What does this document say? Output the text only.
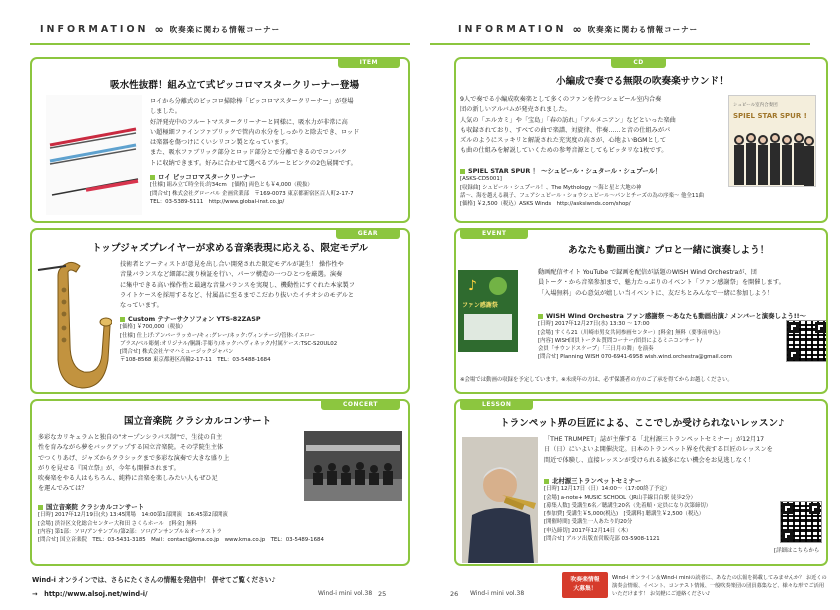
INFORMATION ∞ 吹奏楽に関わる情報コーナー
ITEM
吸水性抜群！組み立て式ピッコロマスタークリーナー登場
ロイから分離式のピッコロ掃除棒「ピッコロマスタークリーナー」が登場
しました。
好評発売中のフルートマスタークリーナーと同様に、吸水力が非常に高
い超極細ファインファブリックで管内の水分をしっかりと除去でき、ロッド
は楽器を傷つけにくいシリコン製となっています。
また、吸水ファブリック部分とロッド部分とで分離できるのでコンパク
トに収納できます。好みに合わせて選べるブルーとピンクの2色展開です。
ロイ ピッコロマスタークリーナー
[仕様] 組み立て時全長:約34cm　[価格] 両色とも￥4,000（税抜）
[問合せ] 株式会社グローバル 企画営業部　〒169-0073 東京都新宿区百人町2-17-7
TEL：03-5389-5111　http://www.global-inst.co.jp/
GEAR
トップジャズプレイヤーが求める音楽表現に応える、限定モデル
技術者とアーティストが意見を出し合い開発された限定モデルが誕生！ 操作性や
音量バランスなど細部に渡り検証を行い、パーツ構造の一つひとつを厳選。演奏
に集中できる高い操作性と最適な音量バランスを実現し、機動性にすぐれた本家製フ
ライトケースを採用するなど、付属品に至るまでこだわり抜いたイチオシのモデルと
なっています。
Custom テナーサクソフォン YTS-82ZASP
[価格] ￥700,000（税抜）
[仕様] 仕上げ:アンバーラッカー/キィ:グレー/ネック:ヴィンテージ/管体:イエロー
ブラス/ベル彫刻:オリジナル/胴調:手彫り/ネック:ヘヴィネック/付属ケース:TSC-S20UL02
[問合せ] 株式会社ヤマハミュージックジャパン
〒108-8568 東京都港区高輪2-17-11　TEL：03-5488-1684
CONCERT
国立音楽院 クラシカルコンサート
多彩なカリキュラムと独自の"オープンシラバス制"で、生徒の自主
性を育みながら夢をバックアップする国立音楽院。その学院生主体
でつくりあげ、ジャズからクラシックまで多彩な演奏で大きな盛り上
がりを見せる『国立祭』が、今年も開催されます。
吹奏楽をやる人はもちろん、純粋に音楽を楽しみたい人もぜひ足
を運んでみては？
国立音楽院 クラシカルコンサート
[日時] 2017年12月19日(火) 13:45開場　14:00第1部開演　16:45第2部開演
[会場] 渋谷区文化総合センター大和田 さくらホール　[料金] 無料
[内容] 第1部：ソロ/アンサンブル/第2部：ソロ/アンサンブル＆オーケストラ
[問合せ] 国立音楽院　TEL：03-5431-3185　Mail：contact@kma.co.jp　www.kma.co.jp　TEL：03-5489-1684
Wind-i オンラインでは、さらにたくさんの情報を発信中！ 併せてご覧ください♪
→　http://www.alsoj.net/wind-i/	Wind-i mini vol.38 25
INFORMATION ∞ 吹奏楽に関わる情報コーナー
CD
小編成で奏でる無限の吹奏楽サウンド！
9人で奏でる小編成吹奏楽として多くのファンを持つシュピール室内合奏
団の新しいアルバムが発売されました。
人気の「エルカミ」や「宝島」「春の訪れ」「アルメニアン」などといった楽曲
も収録されており、すべての曲で楽譜、対旋律、伴奏……と音の仕組みがパ
ズルのようにスッキリと解説された充実度の高さが、心地よいBGMとして
も曲の仕組みを解説していくための参考音源としてもピッタリな1枚です。
シュピール室内合奏団
SPIEL STAR SPUR !
SPIEL STAR SPUR ！ ～シュピール・シュタール・シュプール！
[ASKS-CD5001]
[収録曲] シュピール・シュプール！、The Mythology ～海と星と大地の神
話～、海を越える親子、フェアシュピール・ショウシュピール～パンとチーズの為の序楽～ 他全11曲
[価格] ￥2,500（税込）ASKS Winds　http://asksiwnds.com/shop/
EVENT
あなたも動画出演♪ プロと一緒に演奏しよう！
ファン感謝祭
♪
動画配信サイト YouTube で録画を配信が話題のWISH Wind Orchestraが、団
員トーク・から音楽参加まで、魅力たっぷりのイベント「ファン感謝祭」を開催します。
「入場無料」の心意気が嬉しい当イベントに、友だちとみんなで一緒に参加しよう！
WISH Wind Orchestra ファン感謝祭 ～あなたも動画出演♪ メンバーと演奏しよう!!～
[日時] 2017年12月27日(水) 13:30 ～ 17:00
[会場] すくら21（川崎市男女共同参画センター）[料金] 無料（要事前申込）
[内容] WISH団員トーク＆質問コーナー/団員によるミニコンサート/
会員「サウンドスケープ」「三日月の舞」を演奏
[問合せ] Planning WISH 070-6941-6958 wish.wind.orchestra@gmail.com
※会場では動画の収録を予定しています。※未成年の方は、必ず保護者の方のご了承を得てからお越しください。
LESSON
トランペット界の巨匠による、ここでしか受けられないレッスン♪
「THE TRUMPET」誌が主催する「北村源三トランペットセミナー」が12月17
日（日）にいよいよ開催決定。日本のトランペット界を代表する巨匠のレッスンを
間近で体験し、直接レッスンが受けられる滅多にない機会をお見逃しなく！
北村源三トランペットセミナー
[日時] 12月17日（日）14:00～（17:00終了予定）
[会場] a-note+ MUSIC SCHOOL（JR山手線目白駅 徒歩2分）
[募集人数] 受講生6名／聴講生20名（先着順・定員になり次第締切）
[参加費] 受講生￥5,000(税込)　[受講料] 聴講生￥2,500（税込）
[開催時間] 受講生一人あたり約20分
[申込締切] 2017年12月14日（木）
[問合せ] アルソ出版直営販売部 03-5908-1121
[詳細はこちらから
26 Wind-i mini vol.38
吹奏楽情報
大募集！
Wind-i オンライン＆Wind-i miniの読者に、あなたの広報を掲載してみませんか？ お近くの
演奏会情報、イベント、コンテスト情報、一般吹奏楽団の団員募集など、様々な形でご活用
いただけます！ お気軽にご連絡ください♪
